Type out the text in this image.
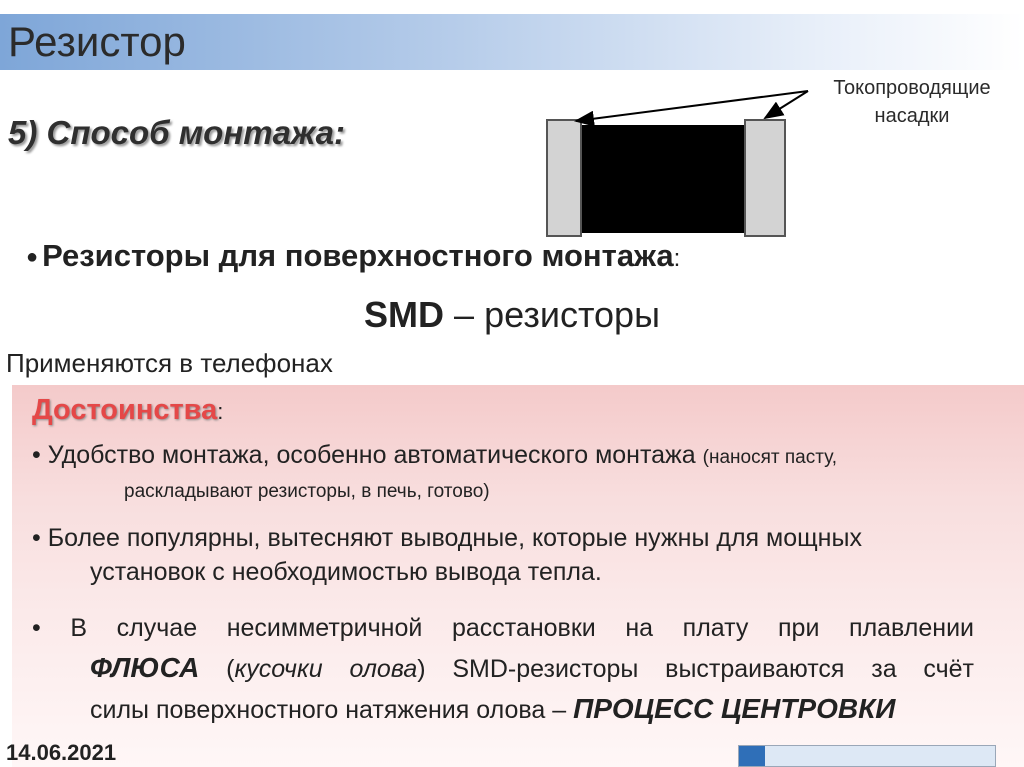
Резистор
5) Способ монтажа:
Токопроводящие
насадки
● Резисторы для поверхностного монтажа:
SMD – резисторы
Применяются в телефонах
Достоинства:
• Удобство монтажа, особенно автоматического монтажа (наносят пасту,
раскладывают резисторы, в печь, готово)
• Более популярны, вытесняют выводные, которые нужны для мощных
установок с необходимостью вывода тепла.
• В случае несимметричной расстановки на плату при плавлении
ФЛЮСА (кусочки олова) SMD-резисторы выстраиваются за счёт
силы поверхностного натяжения олова – ПРОЦЕСС ЦЕНТРОВКИ
14.06.2021
